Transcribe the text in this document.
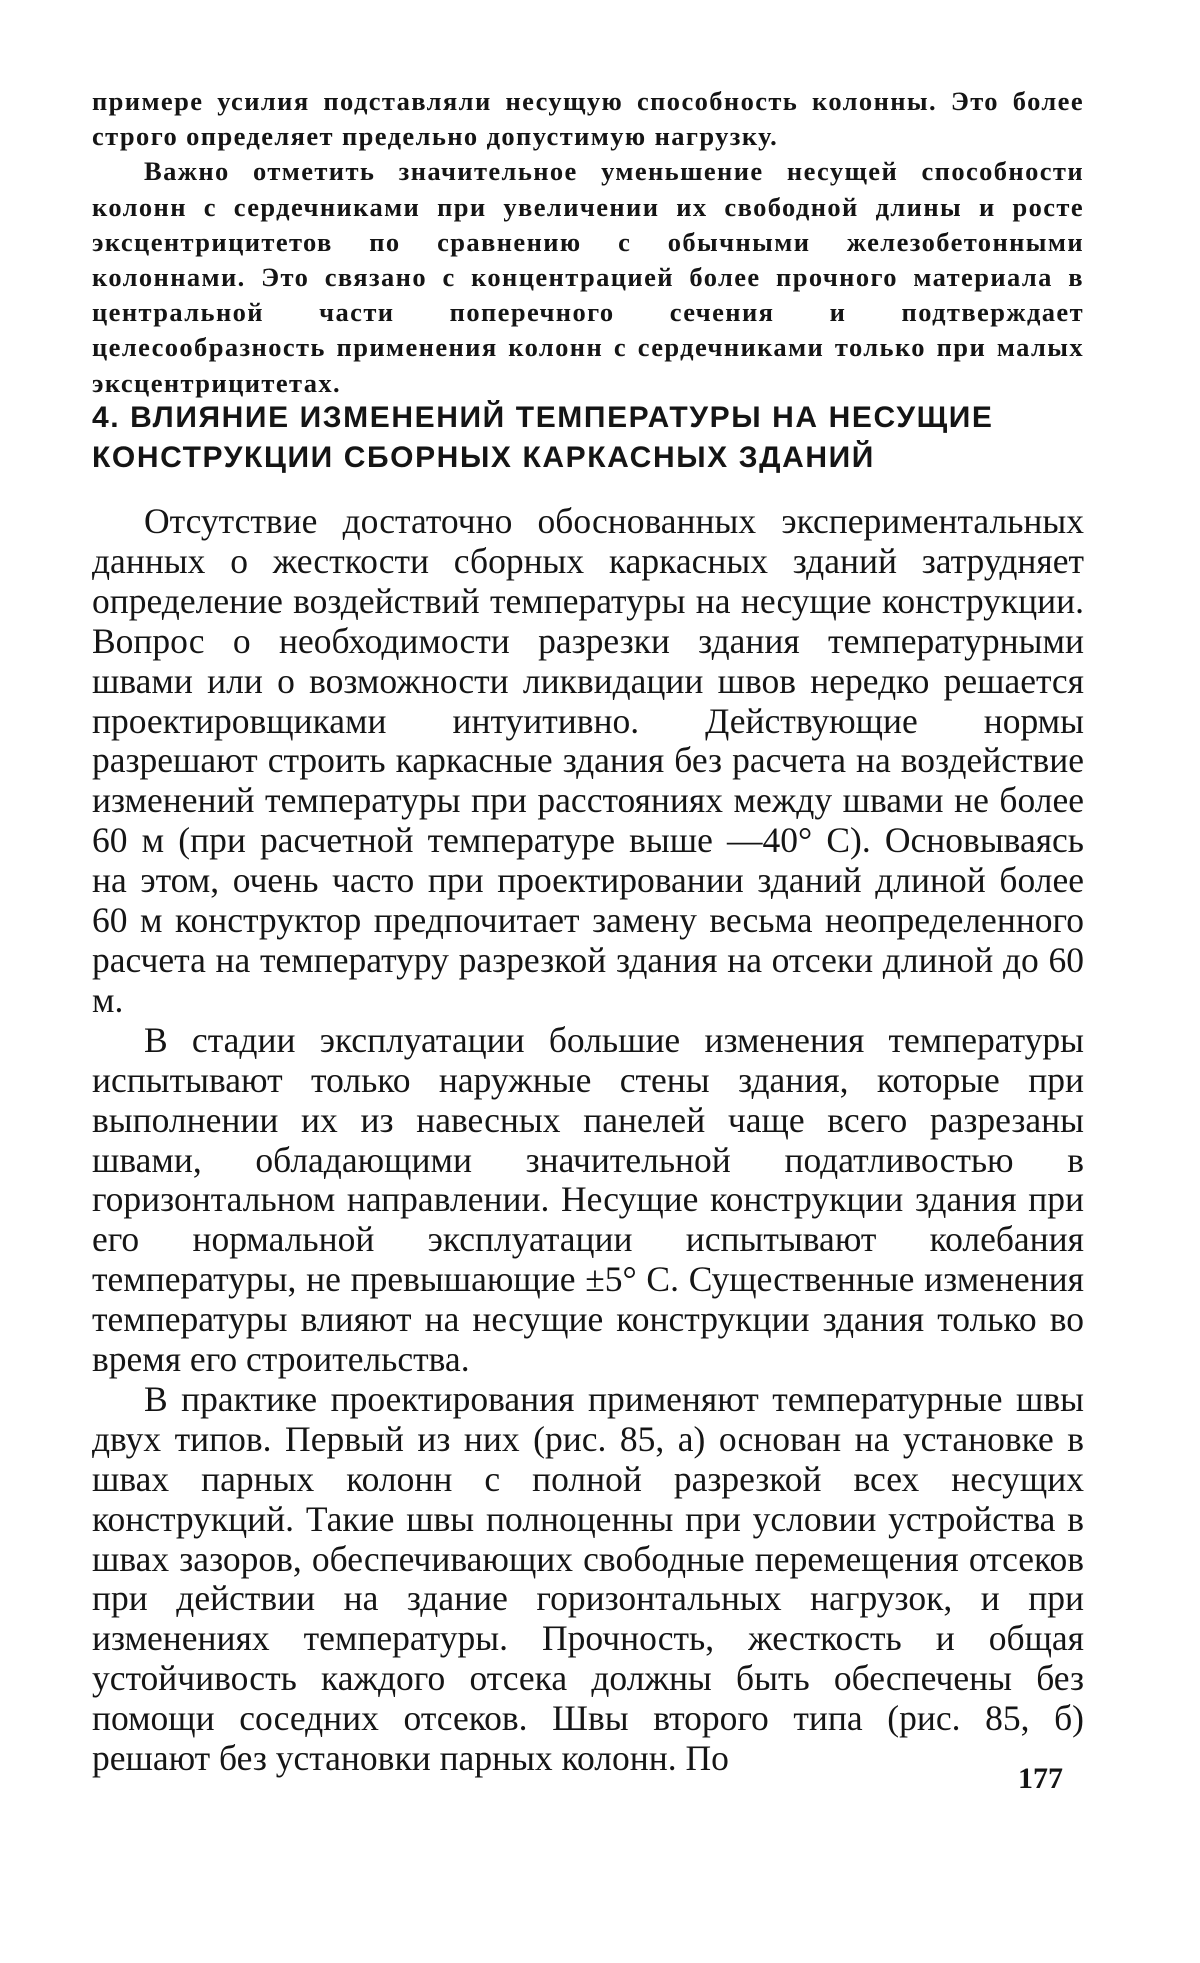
примере усилия подставляли несущую способность колонны. Это более строго определяет предельно допустимую нагрузку.

Важно отметить значительное уменьшение несущей способности колонн с сердечниками при увеличении их свободной длины и росте эксцентрицитетов по сравнению с обычными железобетонными колоннами. Это связано с концентрацией более прочного материала в центральной части поперечного сечения и подтверждает целесообразность применения колонн с сердечниками только при малых эксцентрицитетах.

4. ВЛИЯНИЕ ИЗМЕНЕНИЙ ТЕМПЕРАТУРЫ НА НЕСУЩИЕ
КОНСТРУКЦИИ СБОРНЫХ КАРКАСНЫХ ЗДАНИЙ

Отсутствие достаточно обоснованных экспериментальных данных о жесткости сборных каркасных зданий затрудняет определение воздействий температуры на несущие конструкции. Вопрос о необходимости разрезки здания температурными швами или о возможности ликвидации швов нередко решается проектировщиками интуитивно. Действующие нормы разрешают строить каркасные здания без расчета на воздействие изменений температуры при расстояниях между швами не более 60 м (при расчетной температуре выше —40° С). Основываясь на этом, очень часто при проектировании зданий длиной более 60 м конструктор предпочитает замену весьма неопределенного расчета на температуру разрезкой здания на отсеки длиной до 60 м.

В стадии эксплуатации большие изменения температуры испытывают только наружные стены здания, которые при выполнении их из навесных панелей чаще всего разрезаны швами, обладающими значительной податливостью в горизонтальном направлении. Несущие конструкции здания при его нормальной эксплуатации испытывают колебания температуры, не превышающие ±5° С. Существенные изменения температуры влияют на несущие конструкции здания только во время его строительства.

В практике проектирования применяют температурные швы двух типов. Первый из них (рис. 85, а) основан на установке в швах парных колонн с полной разрезкой всех несущих конструкций. Такие швы полноценны при условии устройства в швах зазоров, обеспечивающих свободные перемещения отсеков при действии на здание горизонтальных нагрузок, и при изменениях температуры. Прочность, жесткость и общая устойчивость каждого отсека должны быть обеспечены без помощи соседних отсеков. Швы второго типа (рис. 85, б) решают без установки парных колонн. По

177
